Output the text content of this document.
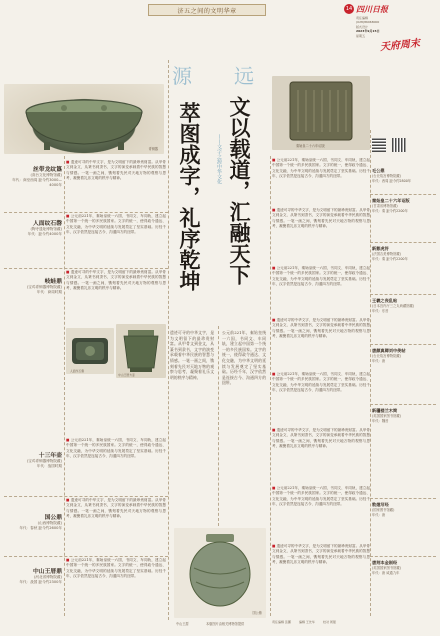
济五之间的文明华章	14 四川日报
责任编辑
(028)86968000
版式设计
2023年9月15日
星期五
天府周末
源 远
文以载道，汇融天下
——文字之源中华文化
萃图成字，礼序乾坤
遗迹可寻的中华文字，是为文明留下的最珍贵财富。从甲骨文到金文，从篆书到隶书，文字的演变承载着中华民族的智慧与情感。一笔一画之间，镌刻着先民对天地万物的观察与思考，凝聚着礼乐文明的秩序与精神。
公元前221年，秦始皇统一六国，书同文、车同轨，建立起中国第一个统一的多民族国家。文字的统一，使得政令通达、文化交融，为中华文明的延续与发展奠定了坚实基础。历经千年，汉字依然是连接古今、沟通四方的纽带。
丝带龙纹簋
(高台文化博物馆藏)
年代：商至西周 距今约3000—4000年
人面纹石磬
(陶寺遗址博物馆藏)
年代：距今约4000年
岐蛙鼎
(宝鸡青铜器博物院藏)
年代：商周时期
十三年壶
(宝鸡青铜器博物院藏)
年代：战国时期
国公鼎
(山西博物院藏)
年代：春秋 距今约2600年
中山王厝鼎
(河北省博物院藏)
年代：战国 距今约2300年
■ 遗迹可寻的中华文字，是为文明留下的最珍贵财富。从甲骨文到金文，从篆书到隶书，文字的演变承载着中华民族的智慧与情感。一笔一画之间，镌刻着先民对天地万物的观察与思考，凝聚着礼乐文明的秩序与精神。
■ 公元前221年，秦始皇统一六国，书同文、车同轨，建立起中国第一个统一的多民族国家。文字的统一，使得政令通达、文化交融，为中华文明的延续与发展奠定了坚实基础。历经千年，汉字依然是连接古今、沟通四方的纽带。
■ 遗迹可寻的中华文字，是为文明留下的最珍贵财富。从甲骨文到金文，从篆书到隶书，文字的演变承载着中华民族的智慧与情感。一笔一画之间，镌刻着先民对天地万物的观察与思考，凝聚着礼乐文明的秩序与精神。
■ 公元前221年，秦始皇统一六国，书同文、车同轨，建立起中国第一个统一的多民族国家。文字的统一，使得政令通达、文化交融，为中华文明的延续与发展奠定了坚实基础。历经千年，汉字依然是连接古今、沟通四方的纽带。
■ 遗迹可寻的中华文字，是为文明留下的最珍贵财富。从甲骨文到金文，从篆书到隶书，文字的演变承载着中华民族的智慧与情感。一笔一画之间，镌刻着先民对天地万物的观察与思考，凝聚着礼乐文明的秩序与精神。
■ 公元前221年，秦始皇统一六国，书同文、车同轨，建立起中国第一个统一的多民族国家。文字的统一，使得政令通达、文化交融，为中华文明的延续与发展奠定了坚实基础。历经千年，汉字依然是连接古今、沟通四方的纽带。
■ 公元前221年，秦始皇统一六国，书同文、车同轨，建立起中国第一个统一的多民族国家。文字的统一，使得政令通达、文化交融，为中华文明的延续与发展奠定了坚实基础。历经千年，汉字依然是连接古今、沟通四方的纽带。
■ 遗迹可寻的中华文字，是为文明留下的最珍贵财富。从甲骨文到金文，从篆书到隶书，文字的演变承载着中华民族的智慧与情感。一笔一画之间，镌刻着先民对天地万物的观察与思考，凝聚着礼乐文明的秩序与精神。
■ 公元前221年，秦始皇统一六国，书同文、车同轨，建立起中国第一个统一的多民族国家。文字的统一，使得政令通达、文化交融，为中华文明的延续与发展奠定了坚实基础。历经千年，汉字依然是连接古今、沟通四方的纽带。
■ 遗迹可寻的中华文字，是为文明留下的最珍贵财富。从甲骨文到金文，从篆书到隶书，文字的演变承载着中华民族的智慧与情感。一笔一画之间，镌刻着先民对天地万物的观察与思考，凝聚着礼乐文明的秩序与精神。
■ 公元前221年，秦始皇统一六国，书同文、车同轨，建立起中国第一个统一的多民族国家。文字的统一，使得政令通达、文化交融，为中华文明的延续与发展奠定了坚实基础。历经千年，汉字依然是连接古今、沟通四方的纽带。
■ 遗迹可寻的中华文字，是为文明留下的最珍贵财富。从甲骨文到金文，从篆书到隶书，文字的演变承载着中华民族的智慧与情感。一笔一画之间，镌刻着先民对天地万物的观察与思考，凝聚着礼乐文明的秩序与精神。
■ 公元前221年，秦始皇统一六国，书同文、车同轨，建立起中国第一个统一的多民族国家。文字的统一，使得政令通达、文化交融，为中华文明的延续与发展奠定了坚实基础。历经千年，汉字依然是连接古今、沟通四方的纽带。
■ 遗迹可寻的中华文字，是为文明留下的最珍贵财富。从甲骨文到金文，从篆书到隶书，文字的演变承载着中华民族的智慧与情感。一笔一画之间，镌刻着先民对天地万物的观察与思考，凝聚着礼乐文明的秩序与精神。
毛公鼎
(台北故宫博物院藏)
年代：西周 距今约2800年
秦始皇二十六年诏版
(甘肃省博物馆藏)
年代：秦 距今约2200年
新郪虎符
(法国吉美博物馆藏)
年代：秦 距今约2200年
王羲之丧乱帖
(日本宫内厅三之丸尚藏馆藏)
年代：东晋
唐颜真卿刘中使帖
(台北故宫博物院藏)
年代：唐
新疆楼兰木简
(英国国家图书馆藏)
年代：魏晋
敦煌写经
(国家图书馆藏)
年代：唐
唐刻本金刚经
(英国国家图书馆藏)
年代：唐 咸通九年
青铜器
秦始皇二十六年诏版
人面纹石磬
中山王厝方壶
国公鼎
中山王厝	本版图片由相关博物馆提供	责任编辑 张鹏	编辑 王先华	校对 周强
